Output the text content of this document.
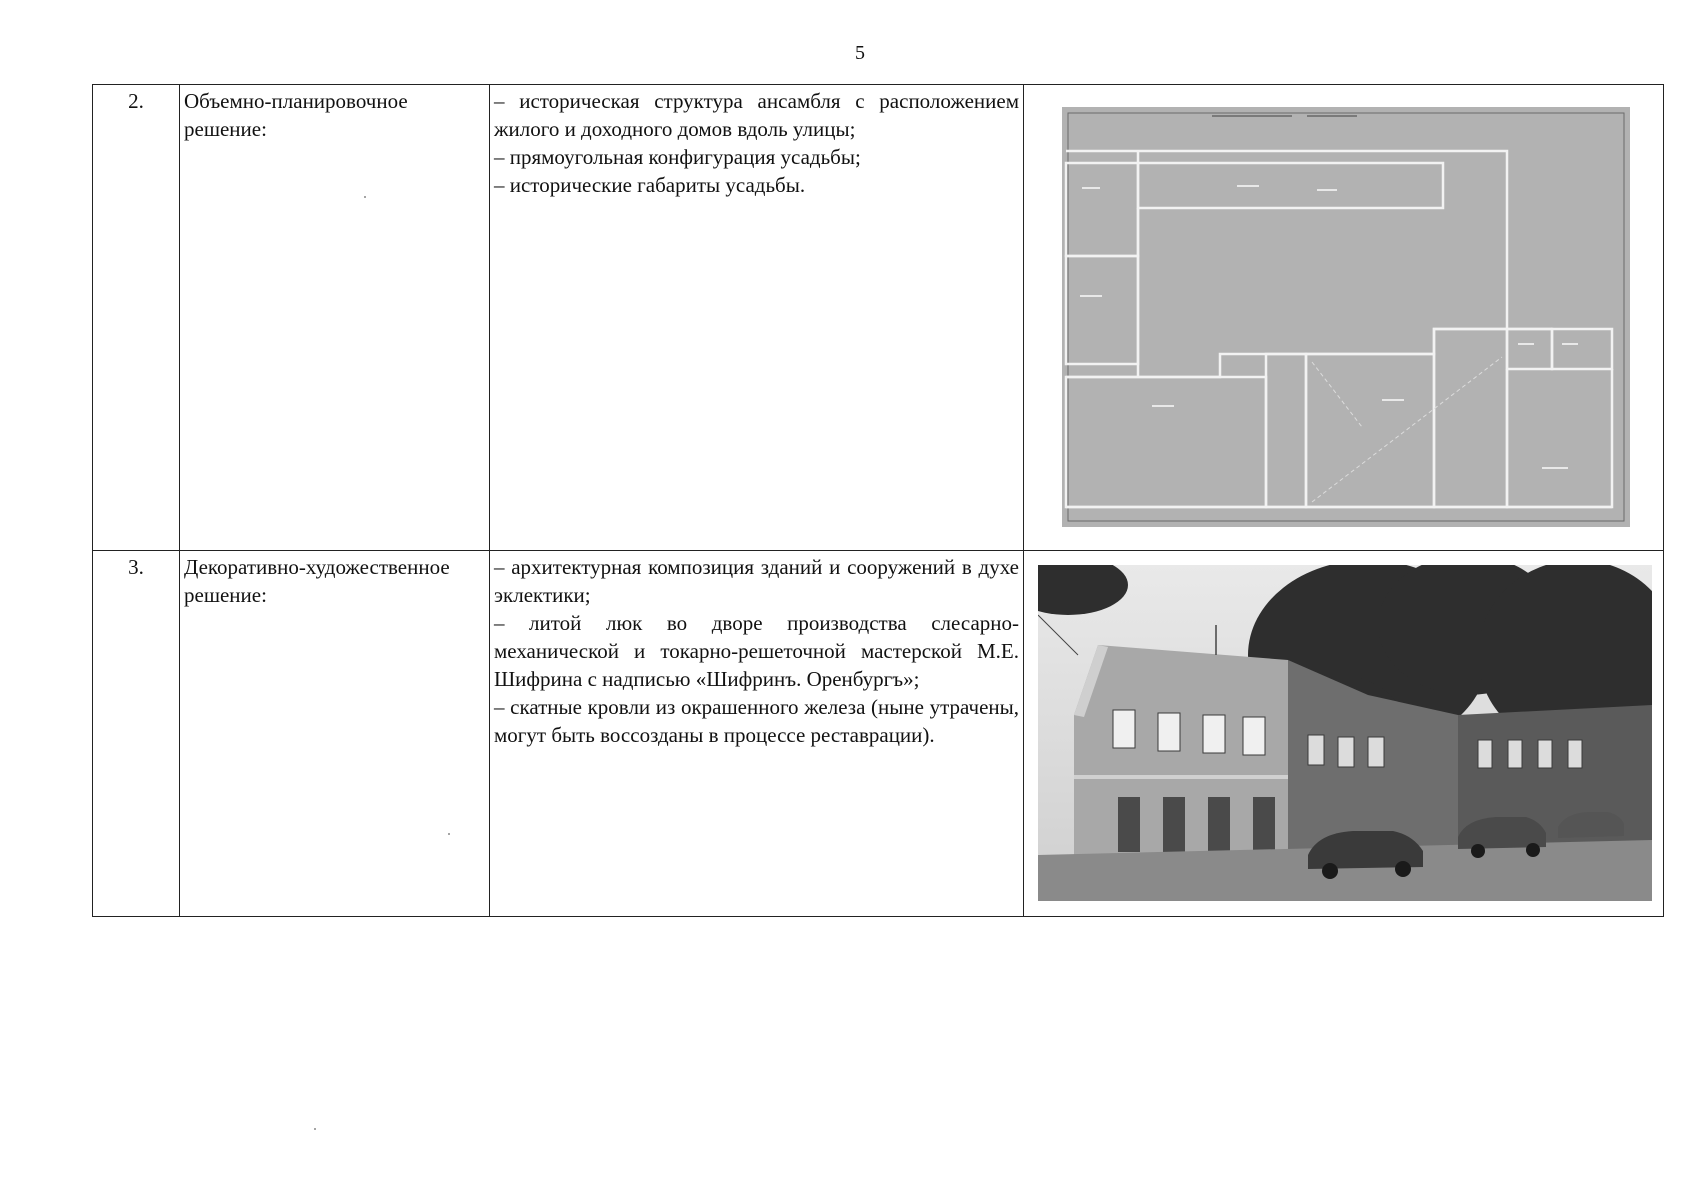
5
2.	Объемно-планировочное решение:	– историческая структура ансамбля с расположением жилого и доходного домов вдоль улицы;
– прямоугольная конфигурация усадьбы;
– исторические габариты усадьбы.

3.	Декоративно-художественное решение:	– архитектурная композиция зданий и сооружений в духе эклектики;
– литой люк во дворе производства слесарно-механической и токарно-решеточной мастерской М.Е. Шифрина с надписью «Шифринъ. Оренбургъ»;
– скатные кровли из окрашенного железа (ныне утрачены, могут быть воссозданы в процессе реставрации).
